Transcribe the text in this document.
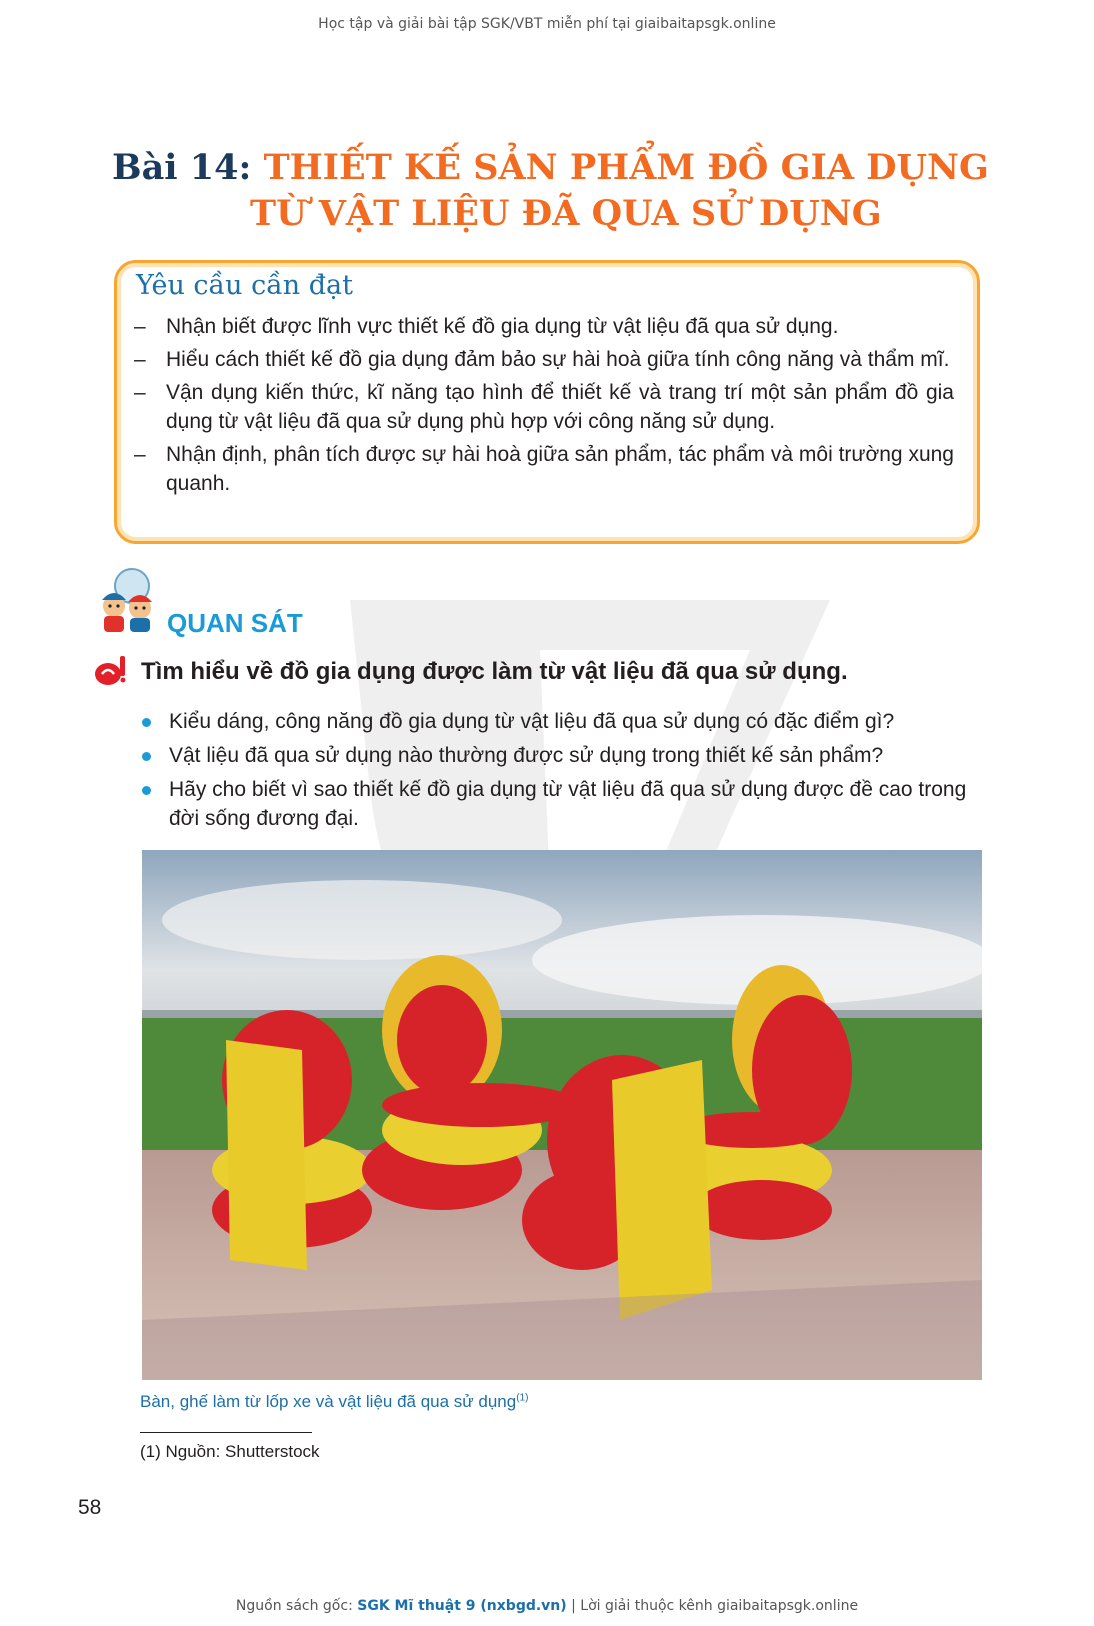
Học tập và giải bài tập SGK/VBT miễn phí tại giaibaitapsgk.online
Bài 14: THIẾT KẾ SẢN PHẨM ĐỒ GIA DỤNG
TỪ VẬT LIỆU ĐÃ QUA SỬ DỤNG
Yêu cầu cần đạt
– Nhận biết được lĩnh vực thiết kế đồ gia dụng từ vật liệu đã qua sử dụng.
– Hiểu cách thiết kế đồ gia dụng đảm bảo sự hài hoà giữa tính công năng và thẩm mĩ.
– Vận dụng kiến thức, kĩ năng tạo hình để thiết kế và trang trí một sản phẩm đồ gia dụng từ vật liệu đã qua sử dụng phù hợp với công năng sử dụng.
– Nhận định, phân tích được sự hài hoà giữa sản phẩm, tác phẩm và môi trường xung quanh.
QUAN SÁT
Tìm hiểu về đồ gia dụng được làm từ vật liệu đã qua sử dụng.
Kiểu dáng, công năng đồ gia dụng từ vật liệu đã qua sử dụng có đặc điểm gì?
Vật liệu đã qua sử dụng nào thường được sử dụng trong thiết kế sản phẩm?
Hãy cho biết vì sao thiết kế đồ gia dụng từ vật liệu đã qua sử dụng được đề cao trong đời sống đương đại.
Bàn, ghế làm từ lốp xe và vật liệu đã qua sử dụng$^{(1)}$
(1) Nguồn: Shutterstock
58
Nguồn sách gốc: SGK Mĩ thuật 9 (nxbgd.vn) | Lời giải thuộc kênh giaibaitapsgk.online
